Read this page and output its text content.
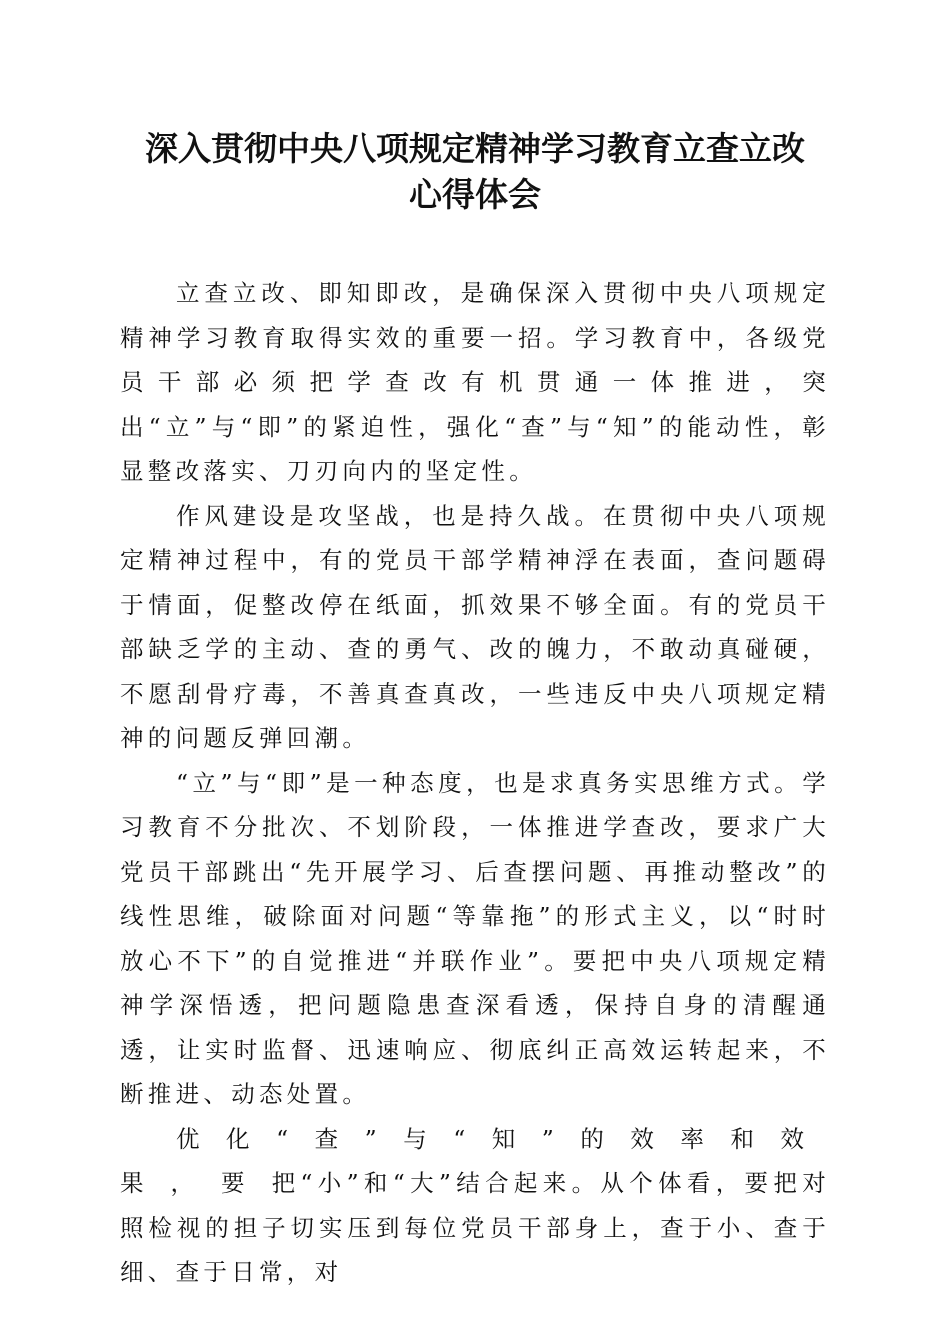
深入贯彻中央八项规定精神学习教育立查立改
心得体会

立查立改、即知即改，是确保深入贯彻中央八项规定精神学习教育取得实效的重要一招。学习教育中，各级党员干部必须把学查改有机贯通一体推进，突出“立”与“即”的紧迫性，强化“查”与“知”的能动性，彰显整改落实、刀刃向内的坚定性。

作风建设是攻坚战，也是持久战。在贯彻中央八项规定精神过程中，有的党员干部学精神浮在表面，查问题碍于情面，促整改停在纸面，抓效果不够全面。有的党员干部缺乏学的主动、查的勇气、改的魄力，不敢动真碰硬，不愿刮骨疗毒，不善真查真改，一些违反中央八项规定精神的问题反弹回潮。

“立”与“即”是一种态度，也是求真务实思维方式。学习教育不分批次、不划阶段，一体推进学查改，要求广大党员干部跳出“先开展学习、后查摆问题、再推动整改”的线性思维，破除面对问题“等靠拖”的形式主义，以“时时放心不下”的自觉推进“并联作业”。要把中央八项规定精神学深悟透，把问题隐患查深看透，保持自身的清醒通透，让实时监督、迅速响应、彻底纠正高效运转起来，不断推进、动态处置。

优化“查”与“知”的效率和效果，要把“小”和“大”结合起来。从个体看，要把对照检视的担子切实压到每位党员干部身上，查于小、查于细、查于日常，对
